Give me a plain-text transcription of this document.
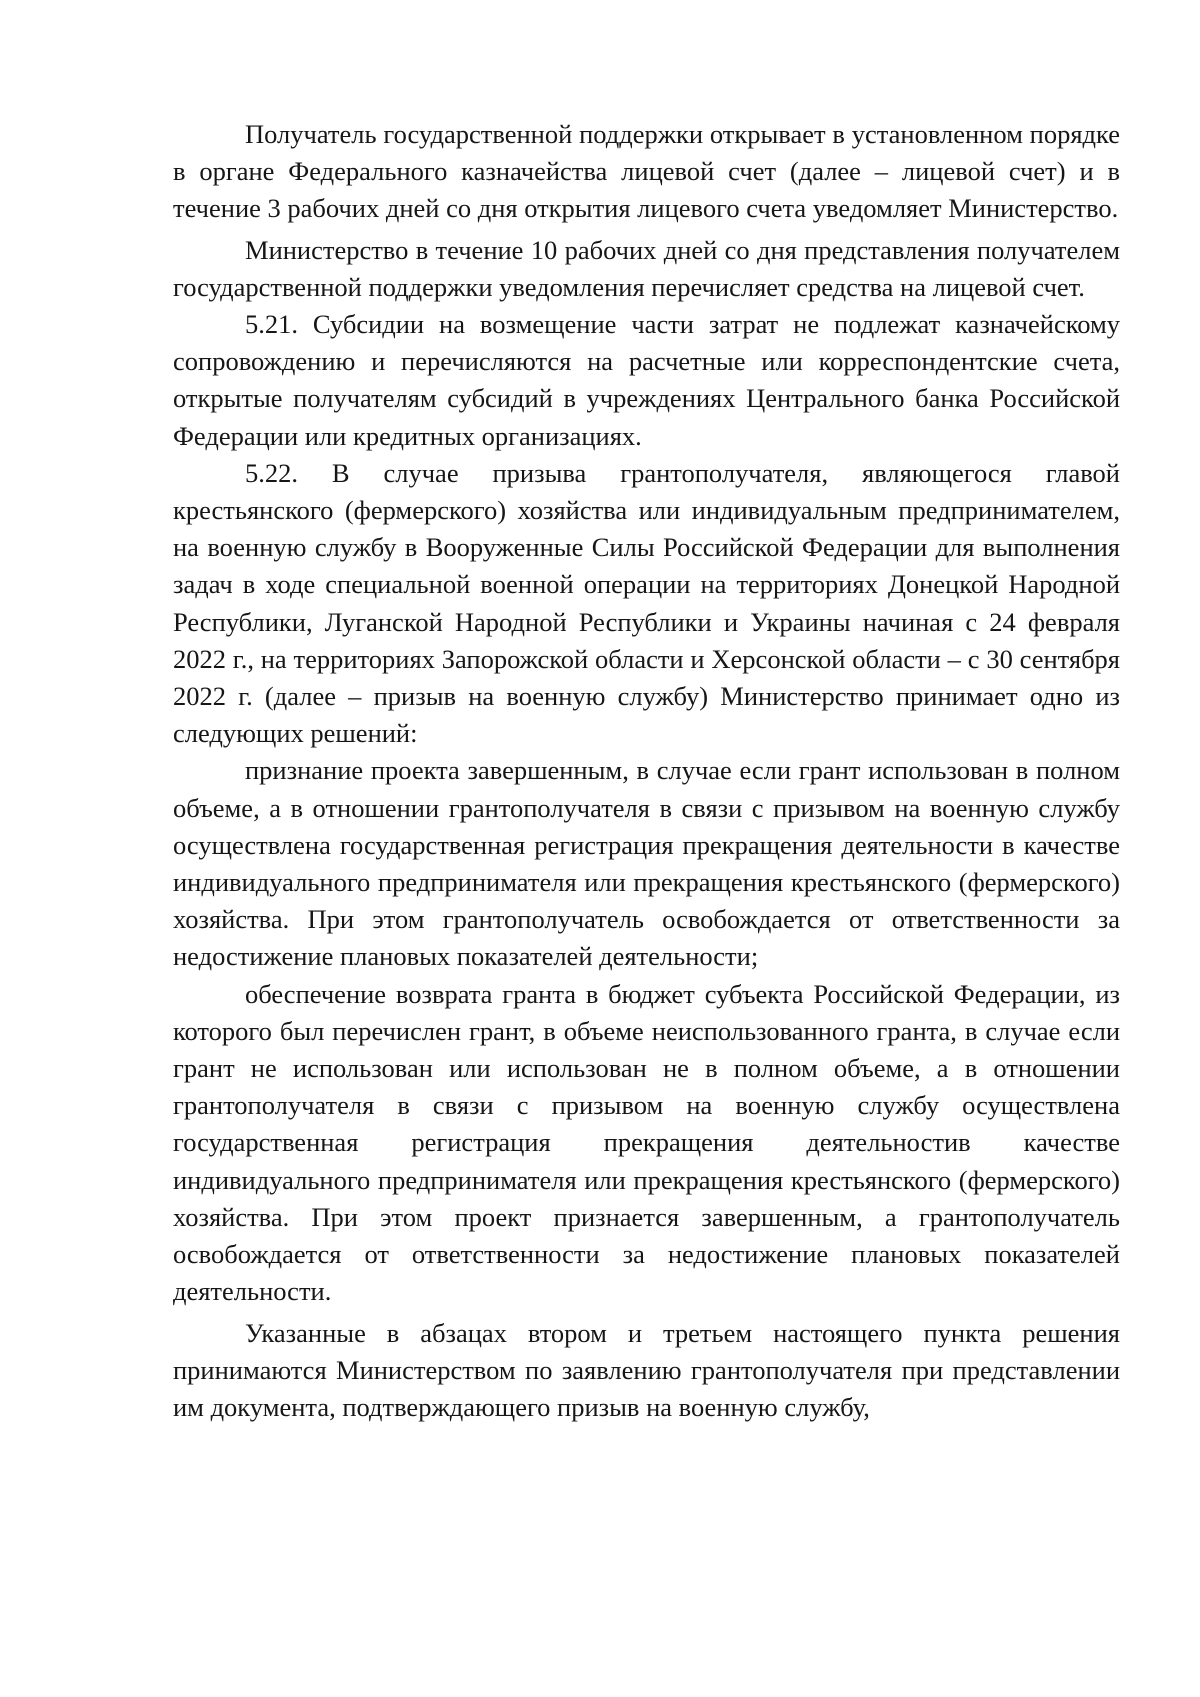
Получатель государственной поддержки открывает в установленном порядке в органе Федерального казначейства лицевой счет (далее – лицевой счет) и в течение 3 рабочих дней со дня открытия лицевого счета уведомляет Министерство.

Министерство в течение 10 рабочих дней со дня представления получателем государственной поддержки уведомления перечисляет средства на лицевой счет.

5.21. Субсидии на возмещение части затрат не подлежат казначейскому сопровождению и перечисляются на расчетные или корреспондентские счета, открытые получателям субсидий в учреждениях Центрального банка Российской Федерации или кредитных организациях.

5.22. В случае призыва грантополучателя, являющегося главой крестьянского (фермерского) хозяйства или индивидуальным предпринимателем, на военную службу в Вооруженные Силы Российской Федерации для выполнения задач в ходе специальной военной операции на территориях Донецкой Народной Республики, Луганской Народной Республики и Украины начиная с 24 февраля 2022 г., на территориях Запорожской области и Херсонской области – с 30 сентября 2022 г. (далее – призыв на военную службу) Министерство принимает одно из следующих решений:

признание проекта завершенным, в случае если грант использован в полном объеме, а в отношении грантополучателя в связи с призывом на военную службу осуществлена государственная регистрация прекращения деятельности в качестве индивидуального предпринимателя или прекращения крестьянского (фермерского) хозяйства. При этом грантополучатель освобождается от ответственности за недостижение плановых показателей деятельности;

обеспечение возврата гранта в бюджет субъекта Российской Федерации, из которого был перечислен грант, в объеме неиспользованного гранта, в случае если грант не использован или использован не в полном объеме, а в отношении грантополучателя в связи с призывом на военную службу осуществлена государственная регистрация прекращения деятельностив качестве индивидуального предпринимателя или прекращения крестьянского (фермерского) хозяйства. При этом проект признается завершенным, а грантополучатель освобождается от ответственности за недостижение плановых показателей деятельности.

Указанные в абзацах втором и третьем настоящего пункта решения принимаются Министерством по заявлению грантополучателя при представлении им документа, подтверждающего призыв на военную службу,
